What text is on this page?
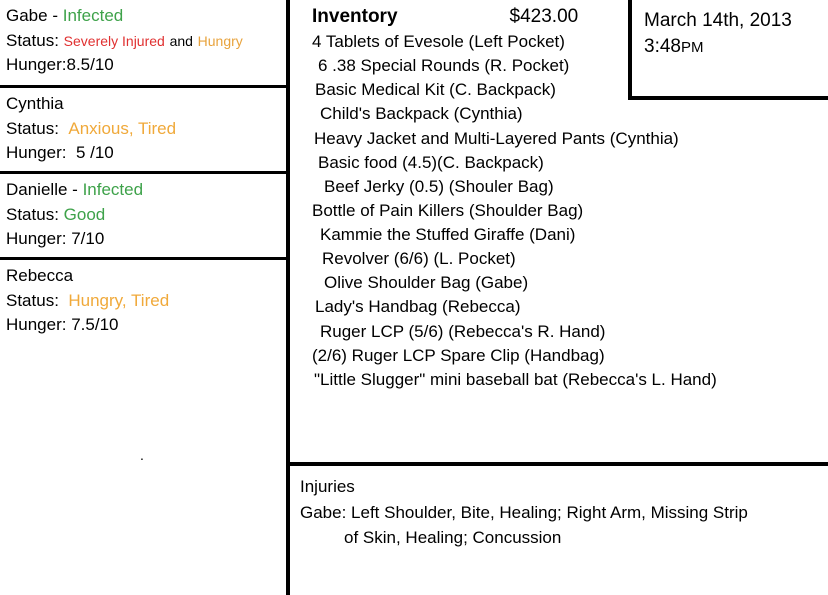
Gabe - Infected
Status: Severely Injured and Hungry
Hunger:8.5/10
Cynthia
Status: Anxious, Tired
Hunger: 5 /10
Danielle - Infected
Status: Good
Hunger: 7/10
Rebecca
Status: Hungry, Tired
Hunger: 7.5/10
.
Inventory	$423.00
4 Tablets of Evesole (Left Pocket)
6 .38 Special Rounds (R. Pocket)
Basic Medical Kit (C. Backpack)
Child's Backpack (Cynthia)
Heavy Jacket and Multi-Layered Pants (Cynthia)
Basic food (4.5)(C. Backpack)
Beef Jerky (0.5) (Shouler Bag)
Bottle of Pain Killers (Shoulder Bag)
Kammie the Stuffed Giraffe (Dani)
Revolver (6/6) (L. Pocket)
Olive Shoulder Bag (Gabe)
Lady's Handbag (Rebecca)
Ruger LCP (5/6) (Rebecca's R. Hand)
(2/6) Ruger LCP Spare Clip (Handbag)
"Little Slugger" mini baseball bat (Rebecca's L. Hand)
March 14th, 2013
3:48PM
Injuries
Gabe: Left Shoulder, Bite, Healing; Right Arm, Missing Strip
of Skin, Healing; Concussion
